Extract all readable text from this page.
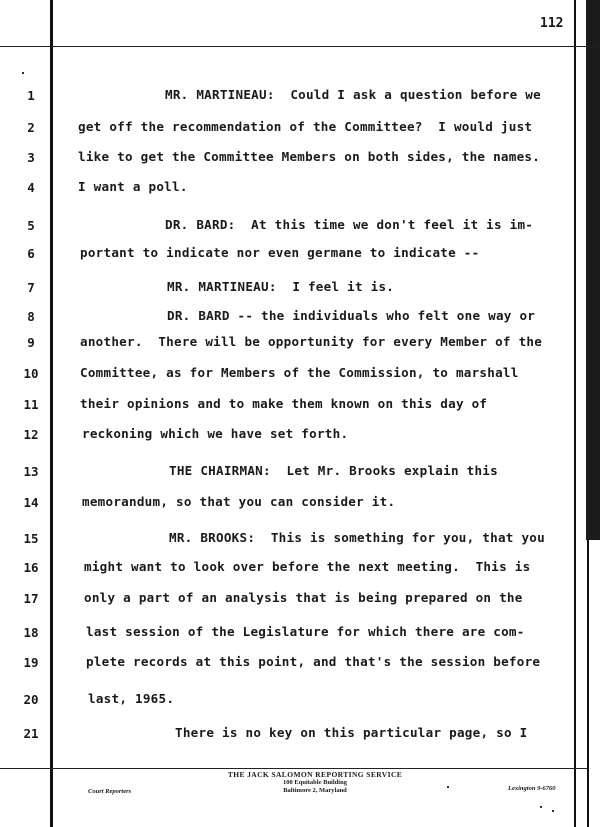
112
1	MR. MARTINEAU:  Could I ask a question before we
2	get off the recommendation of the Committee?  I would just
3	like to get the Committee Members on both sides, the names.
4	I want a poll.
5	DR. BARD:  At this time we don't feel it is im-
6	portant to indicate nor even germane to indicate --
7	MR. MARTINEAU:  I feel it is.
8	DR. BARD -- the individuals who felt one way or
9	another.  There will be opportunity for every Member of the
10	Committee, as for Members of the Commission, to marshall
11	their opinions and to make them known on this day of
12	reckoning which we have set forth.
13	THE CHAIRMAN:  Let Mr. Brooks explain this
14	memorandum, so that you can consider it.
15	MR. BROOKS:  This is something for you, that you
16	might want to look over before the next meeting.  This is
17	only a part of an analysis that is being prepared on the
18	last session of the Legislature for which there are com-
19	plete records at this point, and that's the session before
20	last, 1965.
21	There is no key on this particular page, so I
Court Reporters
THE JACK SALOMON REPORTING SERVICE
100 Equitable Building
Baltimore 2, Maryland	Lexington 9-6760
